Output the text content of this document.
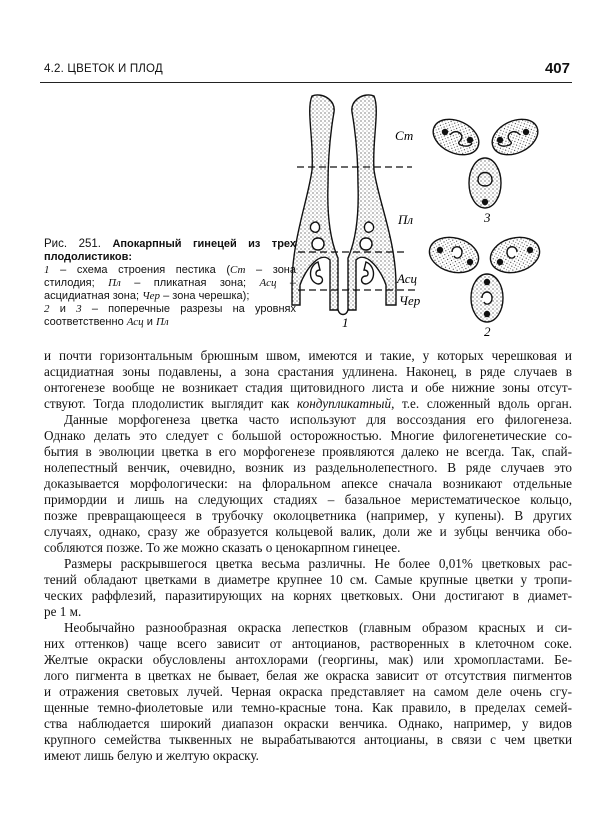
4.2. ЦВЕТОК И ПЛОД	407
Ст
Пл
Асц
Чер
1
3
2
Рис. 251. Апокарпный гинецей из трех плодолистиков:
1 – схема строения пестика (Ст – зона стилодия; Пл – пликатная зона; Асц – асцидиатная зона; Чер – зона черешка);
2 и 3 – поперечные разрезы на уровнях соответственно Асц и Пл
и почти горизонтальным брюшным швом, имеются и такие, у которых черешковая и
асцидиатная зоны подавлены, а зона срастания удлинена. Наконец, в ряде случаев в
онтогенезе вообще не возникает стадия щитовидного листа и обе нижние зоны отсут-
ствуют. Тогда плодолистик выглядит как кондупликатный, т.е. сложенный вдоль орган.
Данные морфогенеза цветка часто используют для воссоздания его филогенеза.
Однако делать это следует с большой осторожностью. Многие филогенетические со-
бытия в эволюции цветка в его морфогенезе проявляются далеко не всегда. Так, спай-
нолепестный венчик, очевидно, возник из раздельнолепестного. В ряде случаев это
доказывается морфологически: на флоральном апексе сначала возникают отдельные
примордии и лишь на следующих стадиях – базальное меристематическое кольцо,
позже превращающееся в трубочку околоцветника (например, у купены). В других
случаях, однако, сразу же образуется кольцевой валик, доли же и зубцы венчика обо-
собляются позже. То же можно сказать о ценокарпном гинецее.
Размеры раскрывшегося цветка весьма различны. Не более 0,01% цветковых рас-
тений обладают цветками в диаметре крупнее 10 см. Самые крупные цветки у тропи-
ческих раффлезий, паразитирующих на корнях цветковых. Они достигают в диамет-
ре 1 м.
Необычайно разнообразная окраска лепестков (главным образом красных и си-
них оттенков) чаще всего зависит от антоцианов, растворенных в клеточном соке.
Желтые окраски обусловлены антохлорами (георгины, мак) или хромопластами. Бе-
лого пигмента в цветках не бывает, белая же окраска зависит от отсутствия пигментов
и отражения световых лучей. Черная окраска представляет на самом деле очень сгу-
щенные темно-фиолетовые или темно-красные тона. Как правило, в пределах семей-
ства наблюдается широкий диапазон окраски венчика. Однако, например, у видов
крупного семейства тыквенных не вырабатываются антоцианы, в связи с чем цветки
имеют лишь белую и желтую окраску.
